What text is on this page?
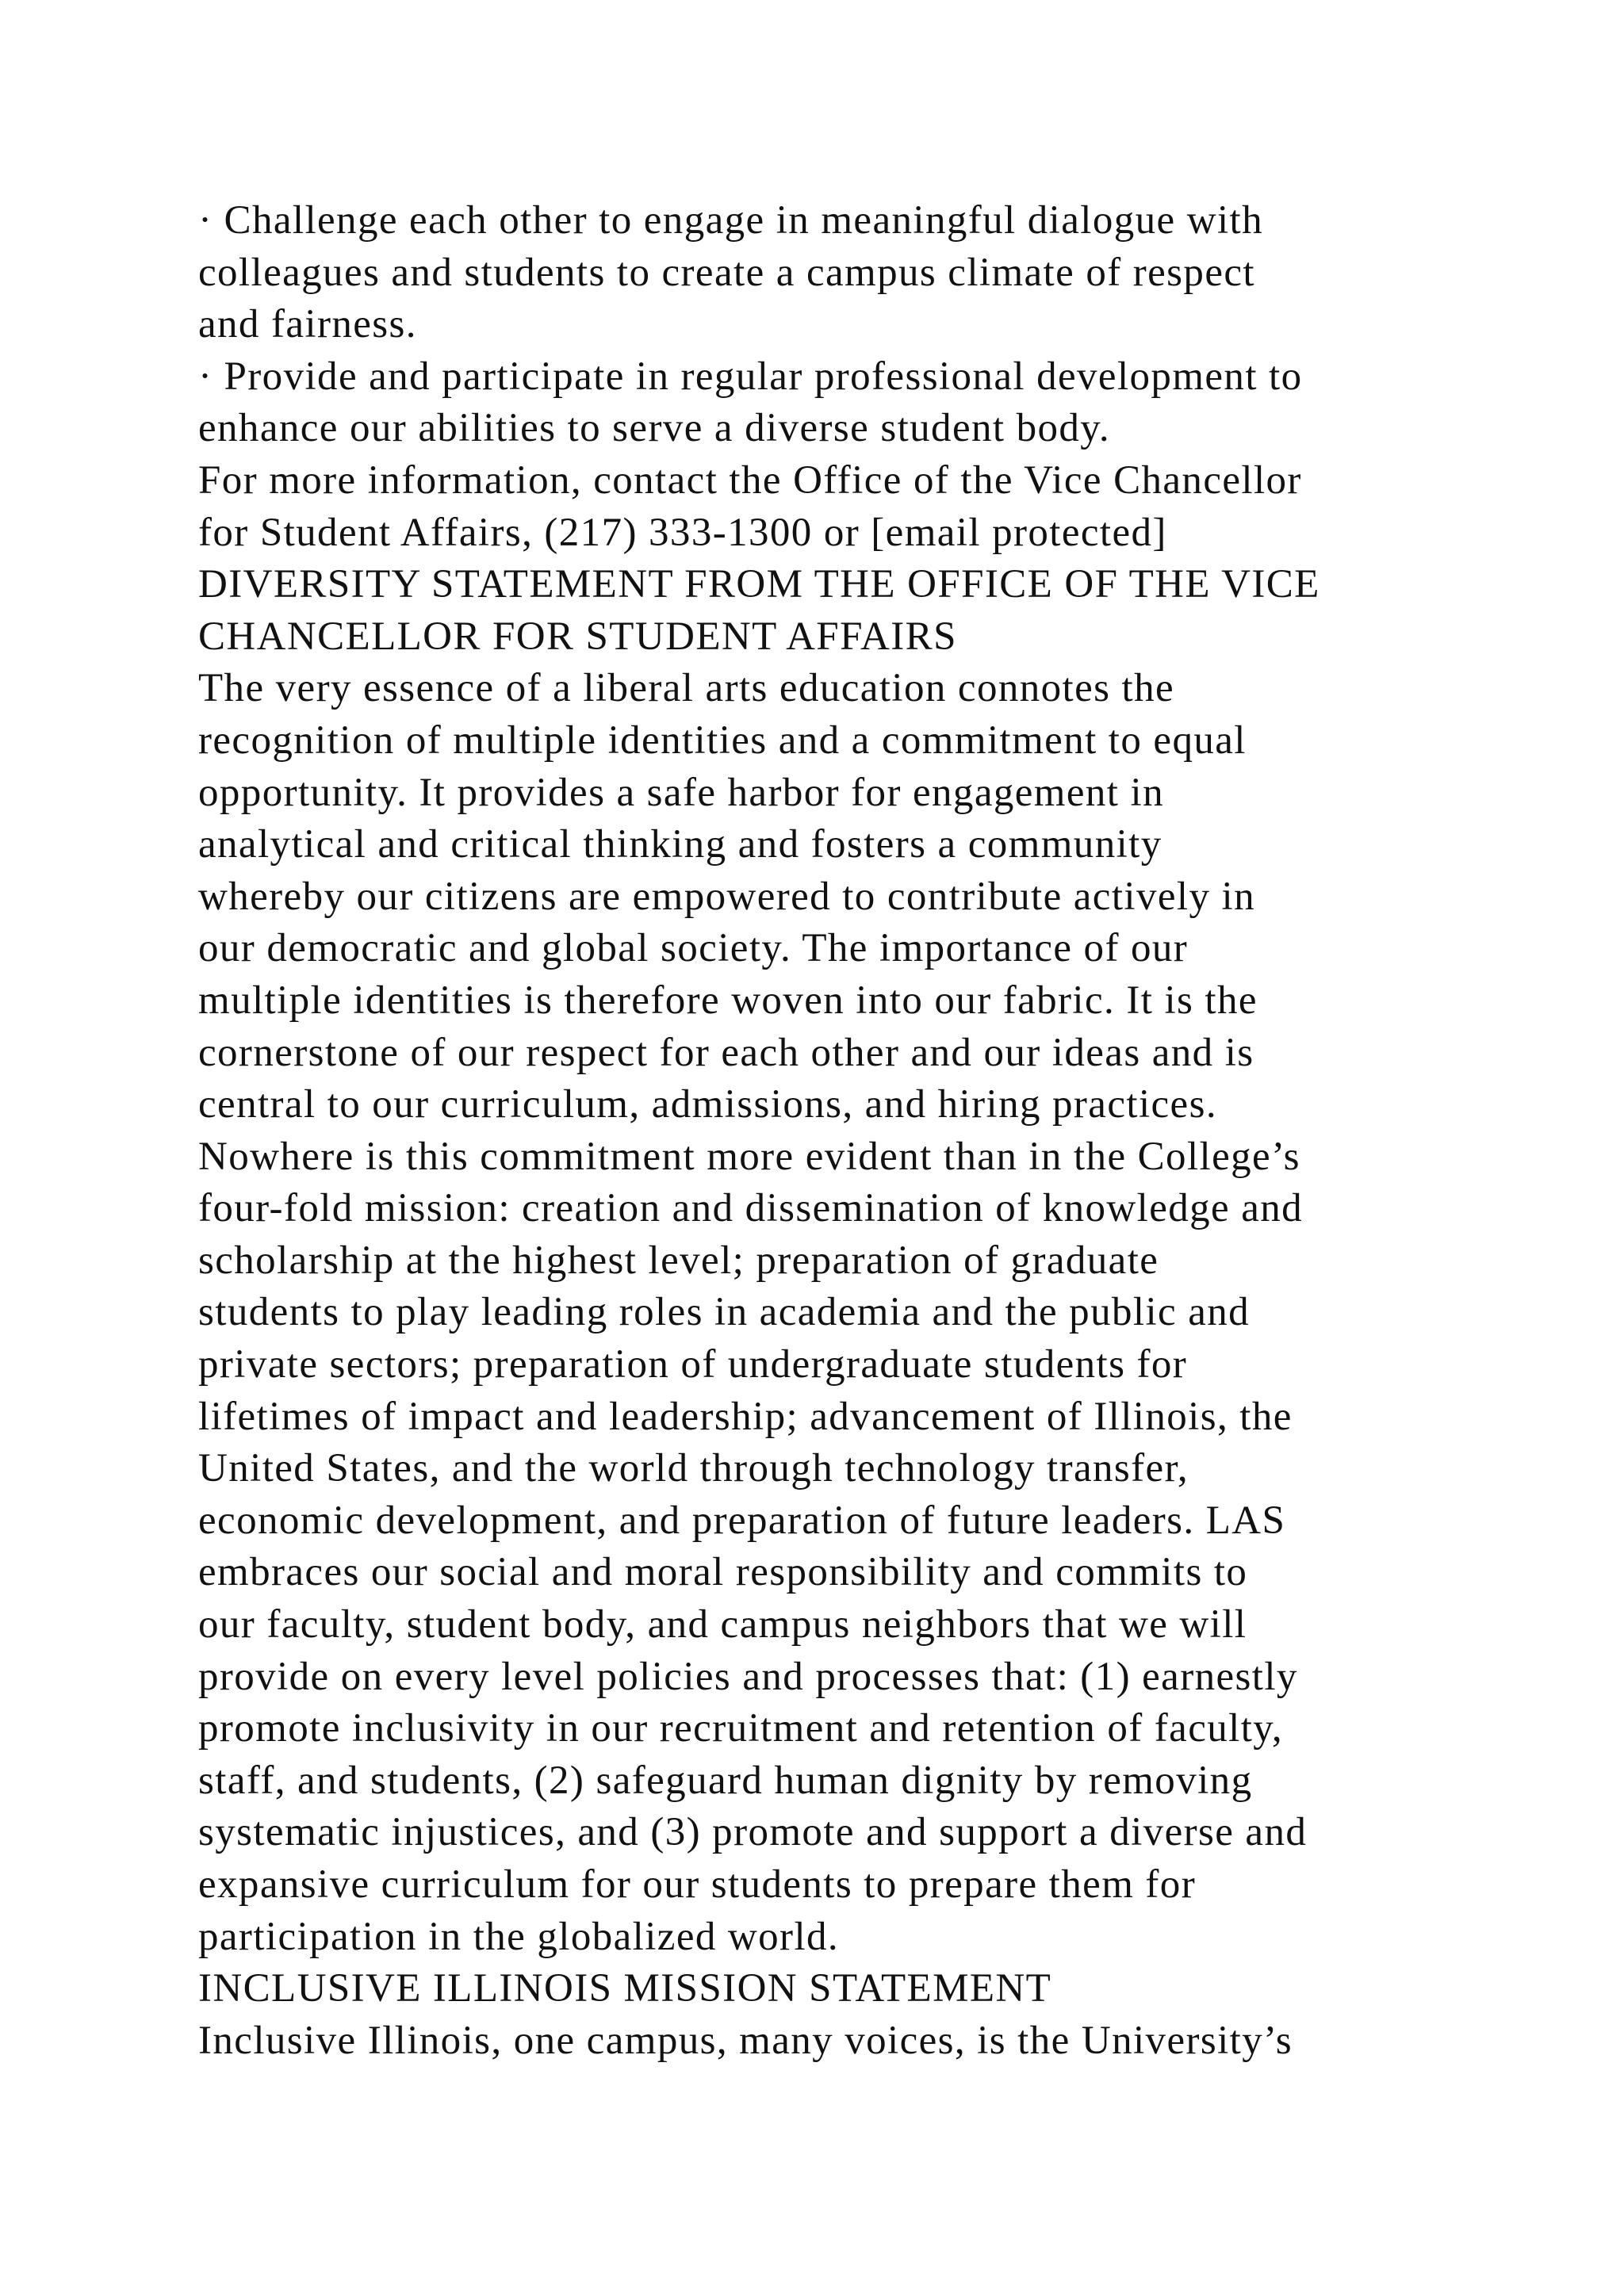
· Challenge each other to engage in meaningful dialogue with
colleagues and students to create a campus climate of respect
and fairness.
· Provide and participate in regular professional development to
enhance our abilities to serve a diverse student body.
For more information, contact the Office of the Vice Chancellor
for Student Affairs, (217) 333-1300 or [email protected]
DIVERSITY STATEMENT FROM THE OFFICE OF THE VICE
CHANCELLOR FOR STUDENT AFFAIRS
The very essence of a liberal arts education connotes the
recognition of multiple identities and a commitment to equal
opportunity. It provides a safe harbor for engagement in
analytical and critical thinking and fosters a community
whereby our citizens are empowered to contribute actively in
our democratic and global society. The importance of our
multiple identities is therefore woven into our fabric. It is the
cornerstone of our respect for each other and our ideas and is
central to our curriculum, admissions, and hiring practices.
Nowhere is this commitment more evident than in the College’s
four-fold mission: creation and dissemination of knowledge and
scholarship at the highest level; preparation of graduate
students to play leading roles in academia and the public and
private sectors; preparation of undergraduate students for
lifetimes of impact and leadership; advancement of Illinois, the
United States, and the world through technology transfer,
economic development, and preparation of future leaders. LAS
embraces our social and moral responsibility and commits to
our faculty, student body, and campus neighbors that we will
provide on every level policies and processes that: (1) earnestly
promote inclusivity in our recruitment and retention of faculty,
staff, and students, (2) safeguard human dignity by removing
systematic injustices, and (3) promote and support a diverse and
expansive curriculum for our students to prepare them for
participation in the globalized world.
INCLUSIVE ILLINOIS MISSION STATEMENT
Inclusive Illinois, one campus, many voices, is the University’s
